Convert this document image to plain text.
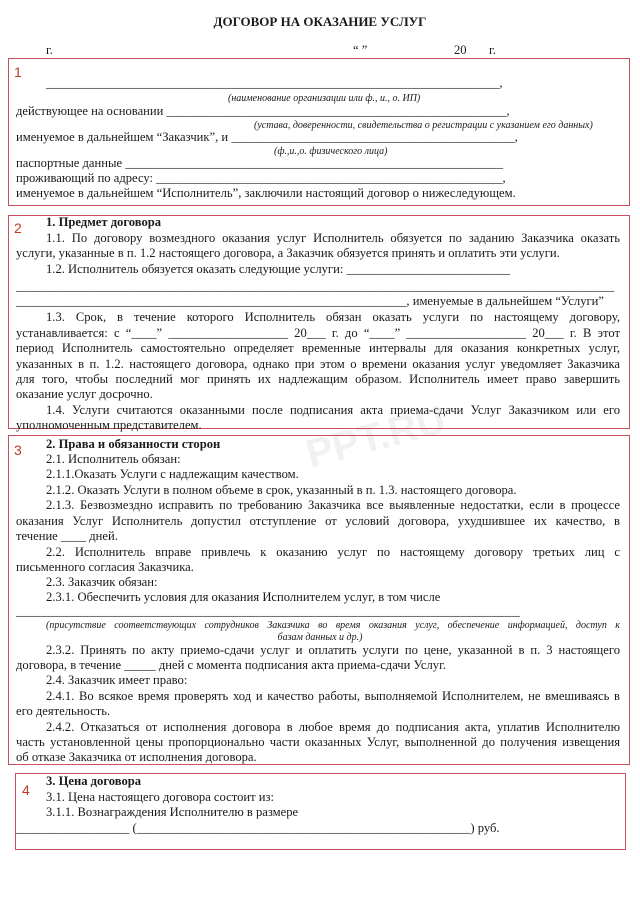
ДОГОВОР НА ОКАЗАНИЕ УСЛУГ
г.	“ ”	20 г.
PPT.RU
1
________________________________________________________________________,
(наименование организации или ф., и., о. ИП)
действующее на основании ______________________________________________________,
(устава, доверенности, свидетельства о регистрации с указанием его данных)
именуемое в дальнейшем “Заказчик”, и _____________________________________________,
(ф.,и.,о. физического лица)
паспортные данные ____________________________________________________________
проживающий по адресу: _______________________________________________________,
именуемое в дальнейшем “Исполнитель”, заключили настоящий договор о нижеследующем.
2 1. Предмет договора
1.1. По договору возмездного оказания услуг Исполнитель обязуется по заданию Заказчика оказать
услуги, указанные в п. 1.2 настоящего договора, а Заказчик обязуется принять и оплатить эти услуги.
1.2. Исполнитель обязуется оказать следующие услуги: __________________________
_______________________________________________________________________________________________
______________________________________________________________, именуемые в дальнейшем “Услуги”
1.3. Срок, в течение которого Исполнитель обязан оказать услуги по настоящему договору,
устанавливается: с “____” ___________________ 20___ г. до “____” ___________________ 20___ г. В этот
период Исполнитель самостоятельно определяет временные интервалы для оказания конкретных услуг,
указанных в п. 1.2. настоящего договора, однако при этом о времени оказания услуг уведомляет Заказчика
для того, чтобы последний мог принять их надлежащим образом. Исполнитель имеет право завершить
оказание услуг досрочно.
1.4. Услуги считаются оказанными после подписания акта приема-сдачи Услуг Заказчиком или его
уполномоченным представителем.
3 2. Права и обязанности сторон
2.1. Исполнитель обязан:
2.1.1.Оказать Услуги с надлежащим качеством.
2.1.2. Оказать Услуги в полном объеме в срок, указанный в п. 1.3. настоящего договора.
2.1.3. Безвозмездно исправить по требованию Заказчика все выявленные недостатки, если в процессе
оказания Услуг Исполнитель допустил отступление от условий договора, ухудшившее их качество, в
течение ____ дней.
2.2. Исполнитель вправе привлечь к оказанию услуг по настоящему договору третьих лиц с
письменного согласия Заказчика.
2.3. Заказчик обязан:
2.3.1. Обеспечить условия для оказания Исполнителем услуг, в том числе
________________________________________________________________________________
(присутствие соответствующих сотрудников Заказчика во время оказания услуг, обеспечение информацией, доступ к
базам данных и др.)
2.3.2. Принять по акту приемо-сдачи услуг и оплатить услуги по цене, указанной в п. 3 настоящего
договора, в течение _____ дней с момента подписания акта приема-сдачи Услуг.
2.4. Заказчик имеет право:
2.4.1. Во всякое время проверять ход и качество работы, выполняемой Исполнителем, не вмешиваясь в
его деятельность.
2.4.2. Отказаться от исполнения договора в любое время до подписания акта, уплатив Исполнителю
часть установленной цены пропорционально части оказанных Услуг, выполненной до получения извещения
об отказе Заказчика от исполнения договора.
4
3. Цена договора
3.1. Цена настоящего договора состоит из:
3.1.1. Вознаграждения Исполнителю в размере
__________________ (_____________________________________________________) руб.
